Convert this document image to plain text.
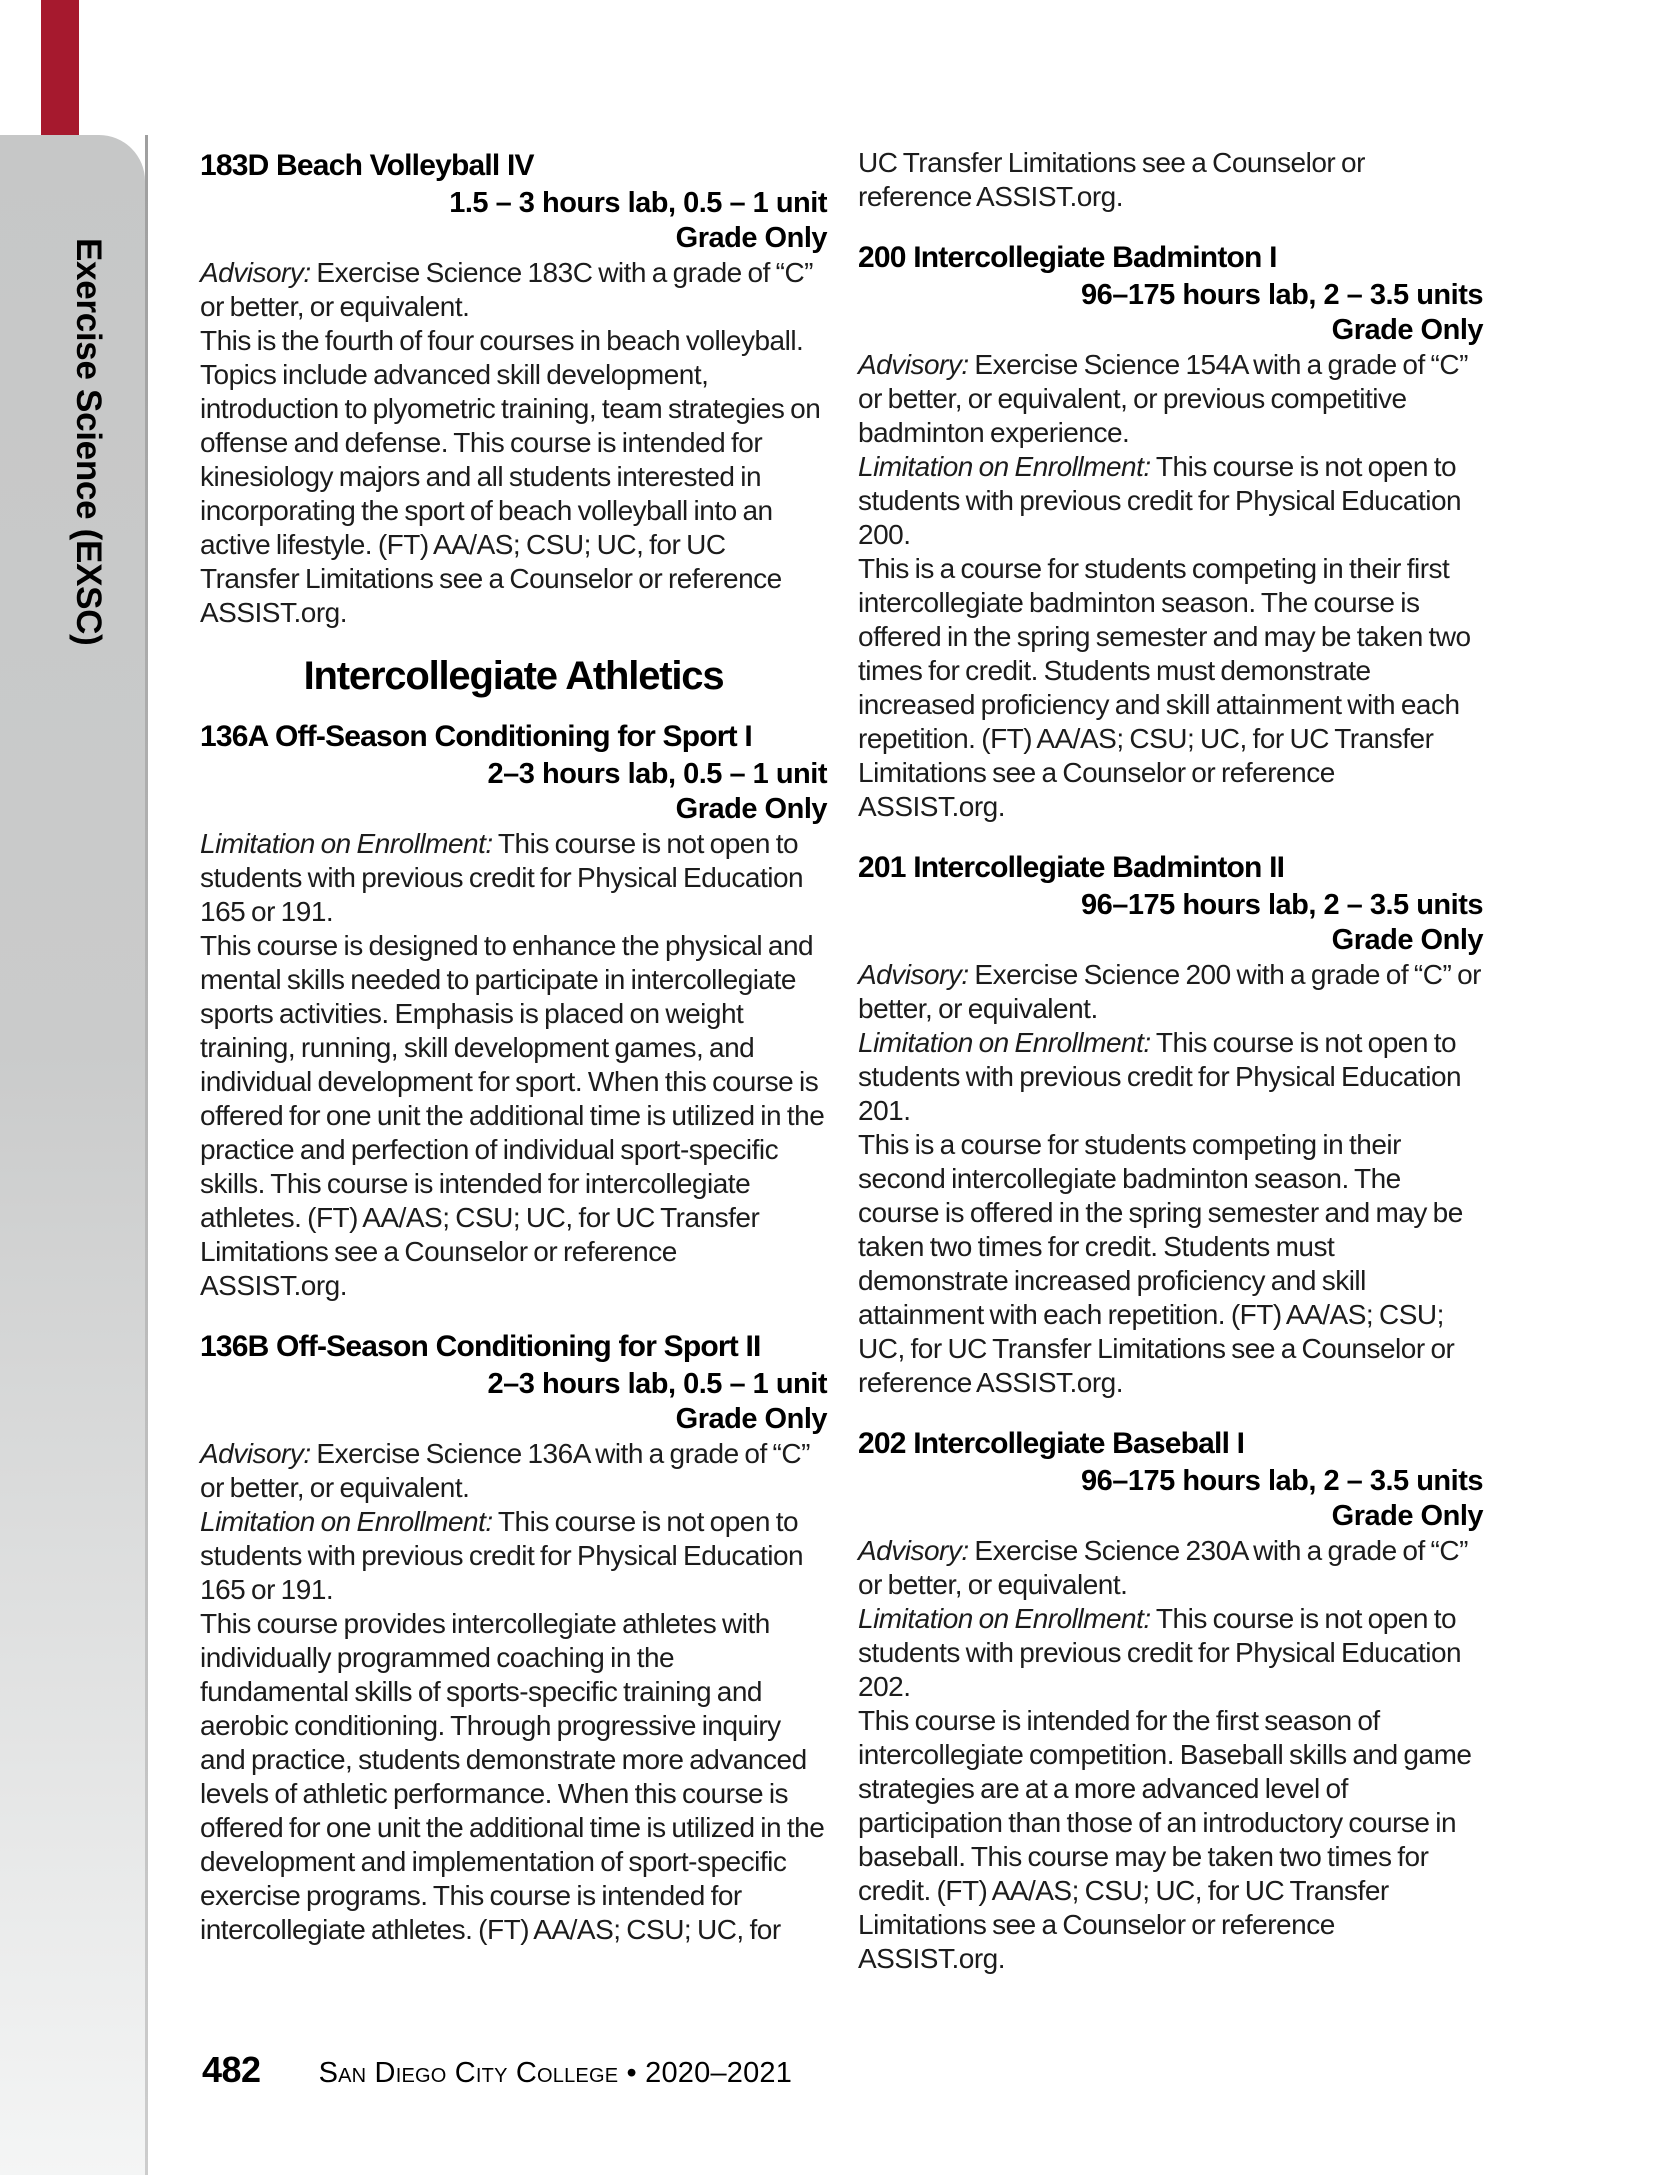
Exercise Science (EXSC)
183D Beach Volleyball IV

1.5 – 3 hours lab, 0.5 – 1 unit

Grade Only

Advisory: Exercise Science 183C with a grade of “C” or better, or equivalent.

This is the fourth of four courses in beach volleyball. Topics include advanced skill development, introduction to plyometric training, team strategies on offense and defense. This course is intended for kinesiology majors and all students interested in incorporating the sport of beach volleyball into an active lifestyle. (FT) AA/AS; CSU; UC, for UC Transfer Limitations see a Counselor or reference ASSIST.org.

Intercollegiate Athletics
136A Off-Season Conditioning for Sport I

2–3 hours lab, 0.5 – 1 unit

Grade Only

Limitation on Enrollment: This course is not open to students with previous credit for Physical Education 165 or 191.

This course is designed to enhance the physical and mental skills needed to participate in intercollegiate sports activities. Emphasis is placed on weight training, running, skill development games, and individual development for sport. When this course is offered for one unit the additional time is utilized in the practice and perfection of individual sport-specific skills. This course is intended for intercollegiate athletes. (FT) AA/AS; CSU; UC, for UC Transfer Limitations see a Counselor or reference ASSIST.org.

136B Off-Season Conditioning for Sport II

2–3 hours lab, 0.5 – 1 unit

Grade Only

Advisory: Exercise Science 136A with a grade of “C” or better, or equivalent.

Limitation on Enrollment: This course is not open to students with previous credit for Physical Education 165 or 191.

This course provides intercollegiate athletes with individually programmed coaching in the fundamental skills of sports-specific training and aerobic conditioning. Through progressive inquiry and practice, students demonstrate more advanced levels of athletic performance. When this course is offered for one unit the additional time is utilized in the development and implementation of sport-specific exercise programs. This course is intended for intercollegiate athletes. (FT) AA/AS; CSU; UC, for

UC Transfer Limitations see a Counselor or reference ASSIST.org.

200 Intercollegiate Badminton I

96–175 hours lab, 2 – 3.5 units

Grade Only

Advisory: Exercise Science 154A with a grade of “C” or better, or equivalent, or previous competitive badminton experience.

Limitation on Enrollment: This course is not open to students with previous credit for Physical Education 200.

This is a course for students competing in their first intercollegiate badminton season. The course is offered in the spring semester and may be taken two times for credit. Students must demonstrate increased proficiency and skill attainment with each repetition. (FT) AA/AS; CSU; UC, for UC Transfer Limitations see a Counselor or reference ASSIST.org.

201 Intercollegiate Badminton II

96–175 hours lab, 2 – 3.5 units

Grade Only

Advisory: Exercise Science 200 with a grade of “C” or better, or equivalent.

Limitation on Enrollment: This course is not open to students with previous credit for Physical Education 201.

This is a course for students competing in their second intercollegiate badminton season. The course is offered in the spring semester and may be taken two times for credit. Students must demonstrate increased proficiency and skill attainment with each repetition. (FT) AA/AS; CSU; UC, for UC Transfer Limitations see a Counselor or reference ASSIST.org.

202 Intercollegiate Baseball I

96–175 hours lab, 2 – 3.5 units

Grade Only

Advisory: Exercise Science 230A with a grade of “C” or better, or equivalent.

Limitation on Enrollment: This course is not open to students with previous credit for Physical Education 202.

This course is intended for the first season of intercollegiate competition. Baseball skills and game strategies are at a more advanced level of participation than those of an introductory course in baseball. This course may be taken two times for credit. (FT) AA/AS; CSU; UC, for UC Transfer Limitations see a Counselor or reference ASSIST.org.

482 San Diego City College • 2020–2021
